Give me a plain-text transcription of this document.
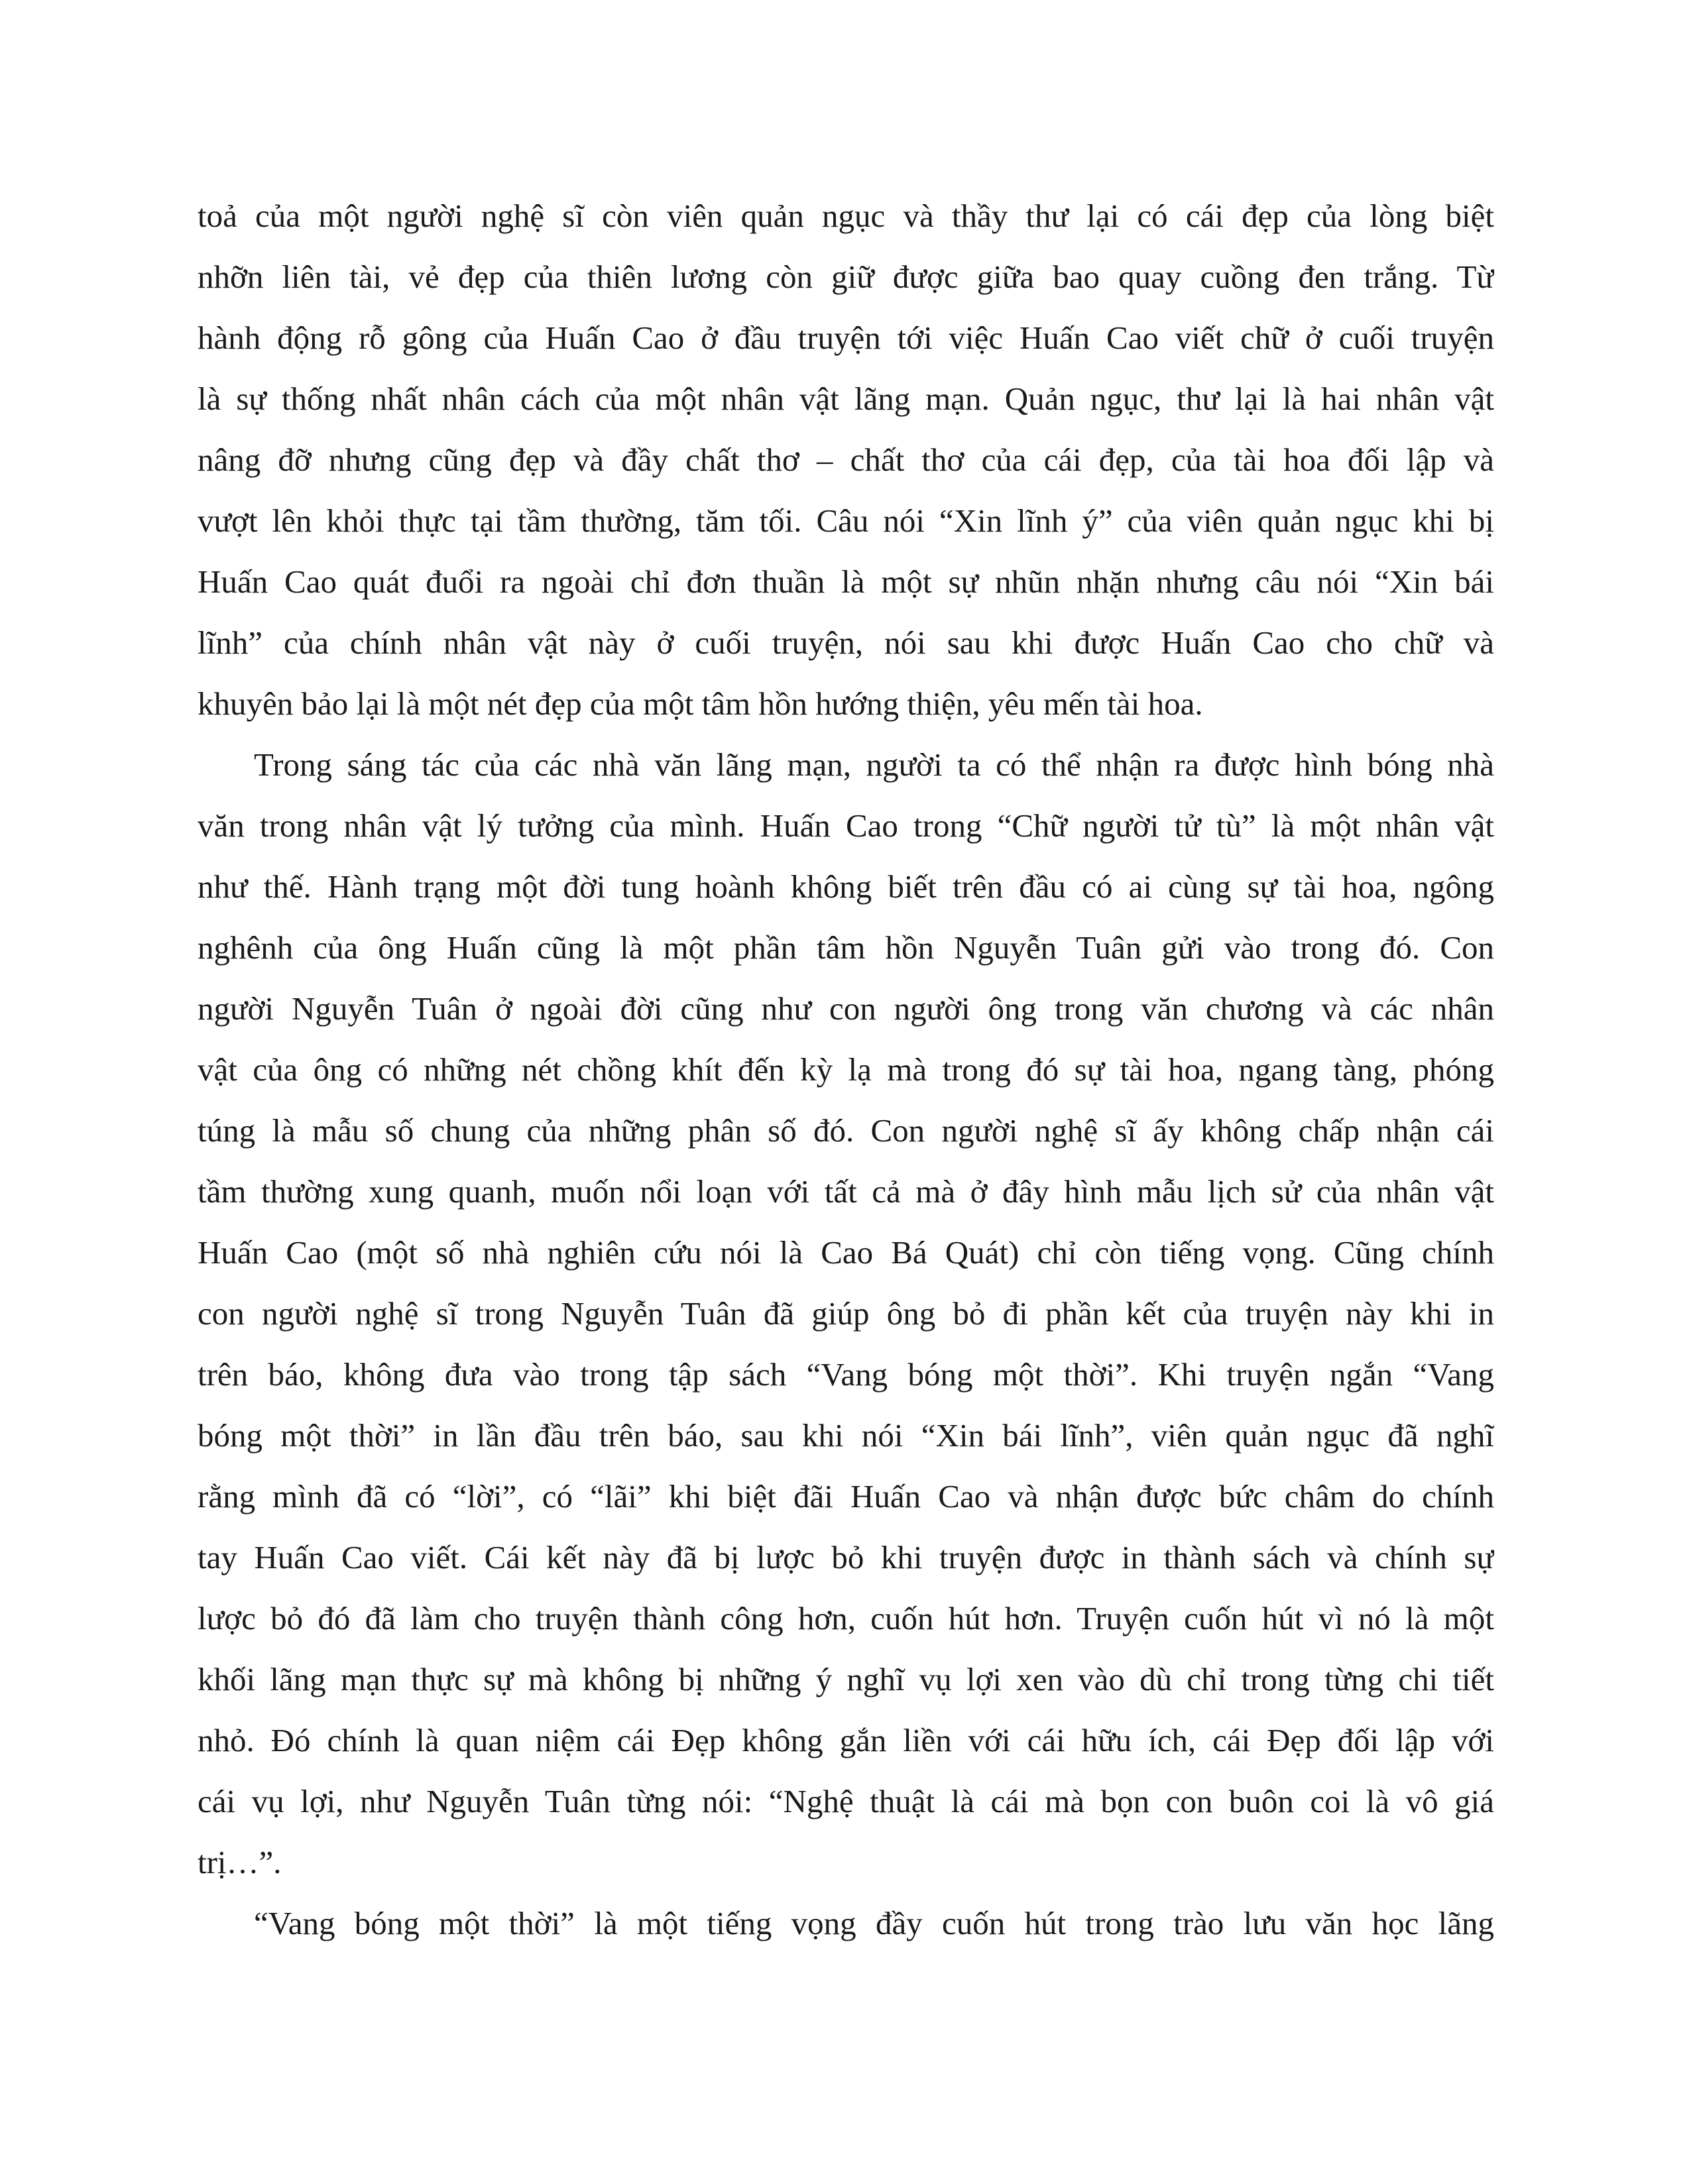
toả của một người nghệ sĩ còn viên quản ngục và thầy thư lại có cái đẹp của lòng biệt
nhỡn liên tài, vẻ đẹp của thiên lương còn giữ được giữa bao quay cuồng đen trắng. Từ
hành động rỗ gông của Huấn Cao ở đầu truyện tới việc Huấn Cao viết chữ ở cuối truyện
là sự thống nhất nhân cách của một nhân vật lãng mạn. Quản ngục, thư lại là hai nhân vật
nâng đỡ nhưng cũng đẹp và đầy chất thơ – chất thơ của cái đẹp, của tài hoa đối lập và
vượt lên khỏi thực tại tầm thường, tăm tối. Câu nói “Xin lĩnh ý” của viên quản ngục khi bị
Huấn Cao quát đuổi ra ngoài chỉ đơn thuần là một sự nhũn nhặn nhưng câu nói “Xin bái
lĩnh” của chính nhân vật này ở cuối truyện, nói sau khi được Huấn Cao cho chữ và
khuyên bảo lại là một nét đẹp của một tâm hồn hướng thiện, yêu mến tài hoa.
Trong sáng tác của các nhà văn lãng mạn, người ta có thể nhận ra được hình bóng nhà
văn trong nhân vật lý tưởng của mình. Huấn Cao trong “Chữ người tử tù” là một nhân vật
như thế. Hành trạng một đời tung hoành không biết trên đầu có ai cùng sự tài hoa, ngông
nghênh của ông Huấn cũng là một phần tâm hồn Nguyễn Tuân gửi vào trong đó. Con
người Nguyễn Tuân ở ngoài đời cũng như con người ông trong văn chương và các nhân
vật của ông có những nét chồng khít đến kỳ lạ mà trong đó sự tài hoa, ngang tàng, phóng
túng là mẫu số chung của những phân số đó. Con người nghệ sĩ ấy không chấp nhận cái
tầm thường xung quanh, muốn nổi loạn với tất cả mà ở đây hình mẫu lịch sử của nhân vật
Huấn Cao (một số nhà nghiên cứu nói là Cao Bá Quát) chỉ còn tiếng vọng. Cũng chính
con người nghệ sĩ trong Nguyễn Tuân đã giúp ông bỏ đi phần kết của truyện này khi in
trên báo, không đưa vào trong tập sách “Vang bóng một thời”. Khi truyện ngắn “Vang
bóng một thời” in lần đầu trên báo, sau khi nói “Xin bái lĩnh”, viên quản ngục đã nghĩ
rằng mình đã có “lời”, có “lãi” khi biệt đãi Huấn Cao và nhận được bức châm do chính
tay Huấn Cao viết. Cái kết này đã bị lược bỏ khi truyện được in thành sách và chính sự
lược bỏ đó đã làm cho truyện thành công hơn, cuốn hút hơn. Truyện cuốn hút vì nó là một
khối lãng mạn thực sự mà không bị những ý nghĩ vụ lợi xen vào dù chỉ trong từng chi tiết
nhỏ. Đó chính là quan niệm cái Đẹp không gắn liền với cái hữu ích, cái Đẹp đối lập với
cái vụ lợi, như Nguyễn Tuân từng nói: “Nghệ thuật là cái mà bọn con buôn coi là vô giá
trị…”.
“Vang bóng một thời” là một tiếng vọng đầy cuốn hút trong trào lưu văn học lãng
